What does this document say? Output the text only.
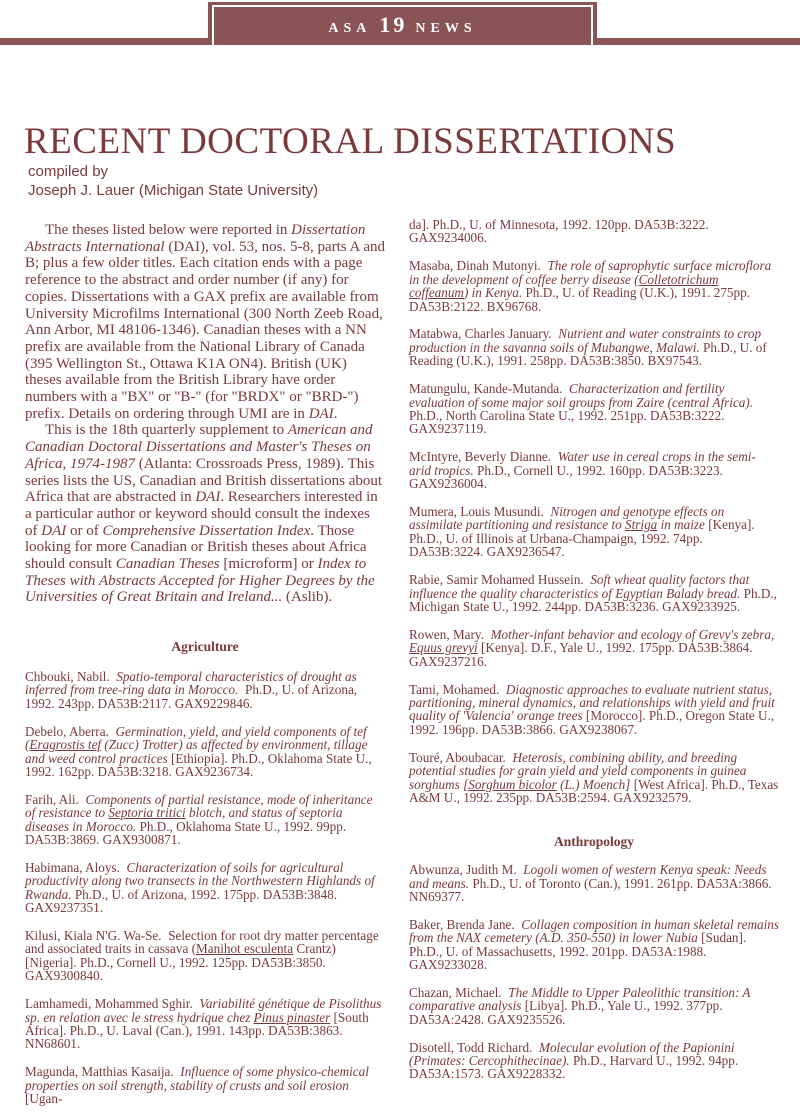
ASA 19 NEWS
RECENT DOCTORAL DISSERTATIONS
compiled by
Joseph J. Lauer (Michigan State University)

The theses listed below were reported in Dissertation Abstracts International (DAI), vol. 53, nos. 5-8, parts A and B; plus a few older titles. Each citation ends with a page reference to the abstract and order number (if any) for copies. Dissertations with a GAX prefix are available from University Microfilms International (300 North Zeeb Road, Ann Arbor, MI 48106-1346). Canadian theses with a NN prefix are available from the National Library of Canada (395 Wellington St., Ottawa K1A ON4). British (UK) theses available from the British Library have order numbers with a "BX" or "B-" (for "BRDX" or "BRD-") prefix. Details on ordering through UMI are in DAI.

This is the 18th quarterly supplement to American and Canadian Doctoral Dissertations and Master's Theses on Africa, 1974-1987 (Atlanta: Crossroads Press, 1989). This series lists the US, Canadian and British dissertations about Africa that are abstracted in DAI. Researchers interested in a particular author or keyword should consult the indexes of DAI or of Comprehensive Dissertation Index. Those looking for more Canadian or British theses about Africa should consult Canadian Theses [microform] or Index to Theses with Abstracts Accepted for Higher Degrees by the Universities of Great Britain and Ireland... (Aslib).

Agriculture

Chbouki, Nabil. Spatio-temporal characteristics of drought as inferred from tree-ring data in Morocco. Ph.D., U. of Arizona, 1992. 243pp. DA53B:2117. GAX9229846.

Debelo, Aberra. Germination, yield, and yield components of tef (Eragrostis tef (Zucc) Trotter) as affected by environment, tillage and weed control practices [Ethiopia]. Ph.D., Oklahoma State U., 1992. 162pp. DA53B:3218. GAX9236734.

Farih, Ali. Components of partial resistance, mode of inheritance of resistance to Septoria tritici blotch, and status of septoria diseases in Morocco. Ph.D., Oklahoma State U., 1992. 99pp. DA53B:3869. GAX9300871.

Habimana, Aloys. Characterization of soils for agricultural productivity along two transects in the Northwestern Highlands of Rwanda. Ph.D., U. of Arizona, 1992. 175pp. DA53B:3848. GAX9237351.

Kilusi, Kiala N'G. Wa-Se. Selection for root dry matter percentage and associated traits in cassava (Manihot esculenta Crantz) [Nigeria]. Ph.D., Cornell U., 1992. 125pp. DA53B:3850. GAX9300840.

Lamhamedi, Mohammed Sghir. Variabilité génétique de Pisolithus sp. en relation avec le stress hydrique chez Pinus pinaster [South Africa]. Ph.D., U. Laval (Can.), 1991. 143pp. DA53B:3863. NN68601.

Magunda, Matthias Kasaija. Influence of some physico-chemical properties on soil strength, stability of crusts and soil erosion [Ugan-

da]. Ph.D., U. of Minnesota, 1992. 120pp. DA53B:3222. GAX9234006.

Masaba, Dinah Mutonyi. The role of saprophytic surface microflora in the development of coffee berry disease (Colletotrichum coffeanum) in Kenya. Ph.D., U. of Reading (U.K.), 1991. 275pp. DA53B:2122. BX96768.

Matabwa, Charles January. Nutrient and water constraints to crop production in the savanna soils of Mubangwe, Malawi. Ph.D., U. of Reading (U.K.), 1991. 258pp. DA53B:3850. BX97543.

Matungulu, Kande-Mutanda. Characterization and fertility evaluation of some major soil groups from Zaire (central Africa). Ph.D., North Carolina State U., 1992. 251pp. DA53B:3222. GAX9237119.

McIntyre, Beverly Dianne. Water use in cereal crops in the semi- arid tropics. Ph.D., Cornell U., 1992. 160pp. DA53B:3223. GAX9236004.

Mumera, Louis Musundi. Nitrogen and genotype effects on assimilate partitioning and resistance to Striga in maize [Kenya]. Ph.D., U. of Illinois at Urbana-Champaign, 1992. 74pp. DA53B:3224. GAX9236547.

Rabie, Samir Mohamed Hussein. Soft wheat quality factors that influence the quality characteristics of Egyptian Balady bread. Ph.D., Michigan State U., 1992. 244pp. DA53B:3236. GAX9233925.

Rowen, Mary. Mother-infant behavior and ecology of Grevy's zebra, Equus grevyi [Kenya]. D.F., Yale U., 1992. 175pp. DA53B:3864. GAX9237216.

Tami, Mohamed. Diagnostic approaches to evaluate nutrient status, partitioning, mineral dynamics, and relationships with yield and fruit quality of 'Valencia' orange trees [Morocco]. Ph.D., Oregon State U., 1992. 196pp. DA53B:3866. GAX9238067.

Touré, Aboubacar. Heterosis, combining ability, and breeding potential studies for grain yield and yield components in guinea sorghums [Sorghum bicolor (L.) Moench] [West Africa]. Ph.D., Texas A&M U., 1992. 235pp. DA53B:2594. GAX9232579.

Anthropology

Abwunza, Judith M. Logoli women of western Kenya speak: Needs and means. Ph.D., U. of Toronto (Can.), 1991. 261pp. DA53A:3866. NN69377.

Baker, Brenda Jane. Collagen composition in human skeletal remains from the NAX cemetery (A.D. 350-550) in lower Nubia [Sudan]. Ph.D., U. of Massachusetts, 1992. 201pp. DA53A:1988. GAX9233028.

Chazan, Michael. The Middle to Upper Paleolithic transition: A comparative analysis [Libya]. Ph.D., Yale U., 1992. 377pp. DA53A:2428. GAX9235526.

Disotell, Todd Richard. Molecular evolution of the Papionini (Primates: Cercophithecinae). Ph.D., Harvard U., 1992. 94pp. DA53A:1573. GAX9228332.
